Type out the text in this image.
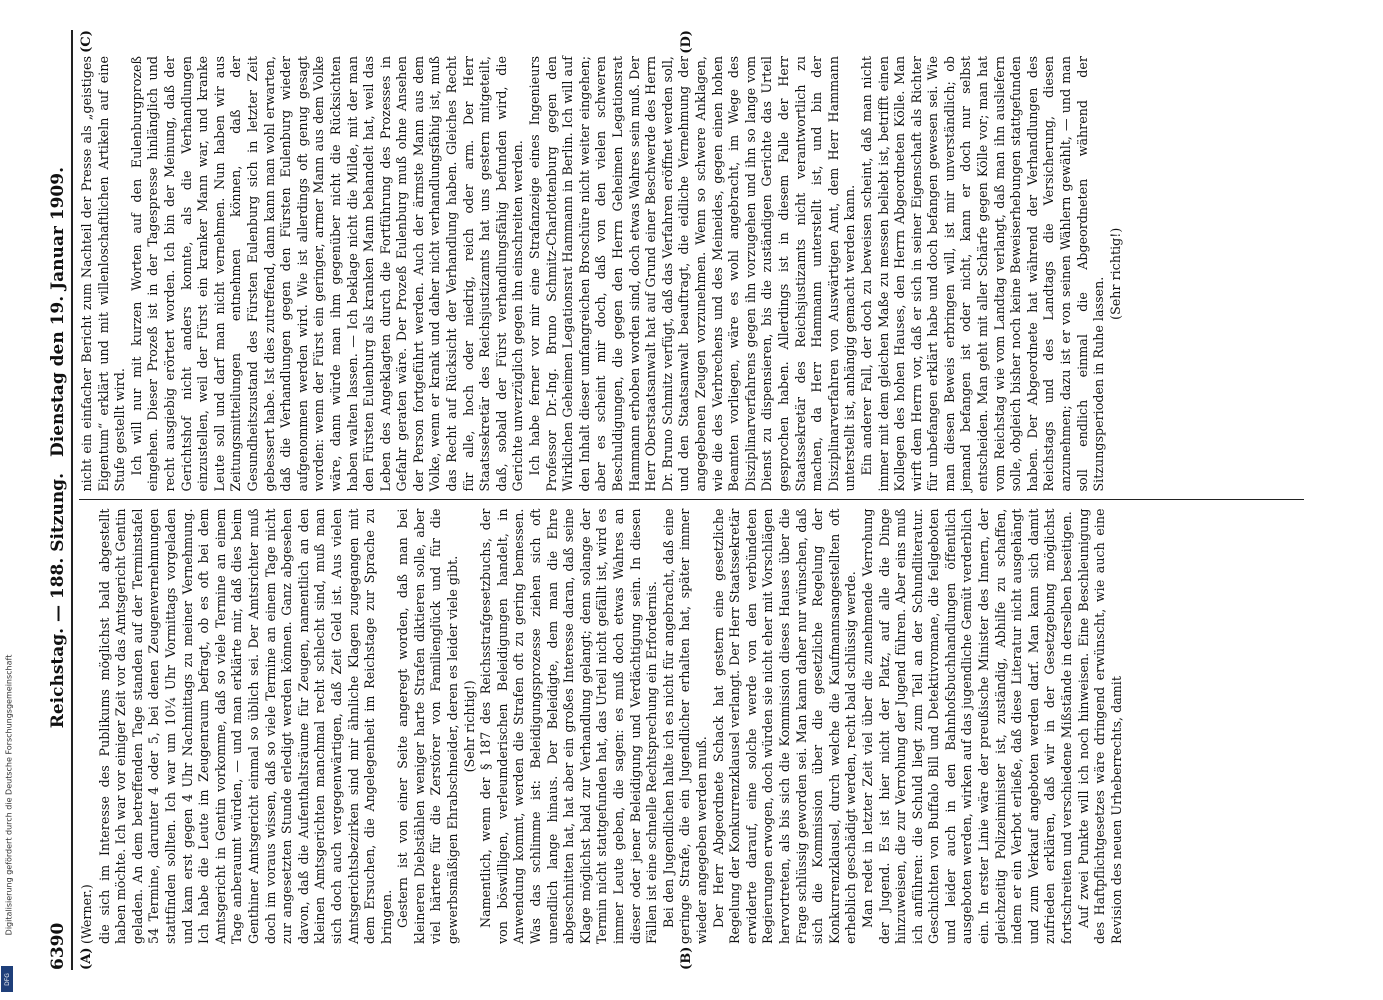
6390
Reichstag. — 188. Sitzung.
Dienstag den 19. Januar 1909.
(A)	(B)
(Werner.) die sich im Interesse des Publikums möglichst bald abgestellt haben möchte. Ich war vor einiger Zeit vor das Amtsgericht Gentin geladen. An dem betreffenden Tage standen auf der Terminstafel 54 Termine, darunter 4 oder 5, bei denen Zeugenvernehmungen stattfinden sollten. Ich war um 10¼ Uhr Vormittags vorgeladen und kam erst gegen 4 Uhr Nachmittags zu meiner Vernehmung. Ich habe die Leute im Zeugenraum befragt, ob es oft bei dem Amtsgericht in Gentin vorkomme, daß so viele Termine an einem Tage anberaumt würden, — und man erklärte mir, daß dies beim Genthiner Amtsgericht einmal so üblich sei. Der Amtsrichter muß doch im voraus wissen, daß so viele Termine an einem Tage nicht zur angesetzten Stunde erledigt werden können. Ganz abgesehen davon, daß die Aufenthaltsräume für Zeugen, namentlich an den kleinen Amtsgerichten manchmal recht schlecht sind, muß man sich doch auch vergegenwärtigen, daß Zeit Geld ist. Aus vielen Amtsgerichtsbezirken sind mir ähnliche Klagen zugegangen mit dem Ersuchen, die Angelegenheit im Reichstage zur Sprache zu bringen. Gestern ist von einer Seite angeregt worden, daß man bei kleineren Diebstählen weniger harte Strafen diktieren solle, aber viel härtere für die Zerstörer von Familienglück und für die gewerbsmäßigen Ehrabschneider, deren es leider viele gibt. (Sehr richtig!) Namentlich, wenn der § 187 des Reichsstrafgesetzbuchs, der von böswilligen, verleumderischen Beleidigungen handelt, in Anwendung kommt, werden die Strafen oft zu gering bemessen. Was das schlimme ist: Beleidigungsprozesse ziehen sich oft unendlich lange hinaus. Der Beleidigte, dem man die Ehre abgeschnitten hat, hat aber ein großes Interesse daran, daß seine Klage möglichst bald zur Verhandlung gelangt; denn solange der Termin nicht stattgefunden hat, das Urteil nicht gefällt ist, wird es immer Leute geben, die sagen: es muß doch etwas Wahres an dieser oder jener Beleidigung und Verdächtigung sein. In diesen Fällen ist eine schnelle Rechtsprechung ein Erfordernis. Bei den Jugendlichen halte ich es nicht für angebracht, daß eine geringe Strafe, die ein Jugendlicher erhalten hat, später immer wieder angegeben werden muß. Der Herr Abgeordnete Schack hat gestern eine gesetzliche Regelung der Konkurrenzklausel verlangt. Der Herr Staatssekretär erwiderte darauf, eine solche werde von den verbündeten Regierungen erwogen, doch würden sie nicht eher mit Vorschlägen hervortreten, als bis sich die Kommission dieses Hauses über die Frage schlüssig geworden sei. Man kann daher nur wünschen, daß sich die Kommission über die gesetzliche Regelung der Konkurrenzklausel, durch welche die Kaufmannsangestellten oft erheblich geschädigt werden, recht bald schlüssig werde. Man redet in letzter Zeit viel über die zunehmende Verrohung der Jugend. Es ist hier nicht der Platz, auf alle die Dinge hinzuweisen, die zur Verrohung der Jugend führen. Aber eins muß ich anführen: die Schuld liegt zum Teil an der Schundliteratur. Geschichten von Buffalo Bill und Detektivromane, die feilgeboten und leider auch in den Bahnhofsbuchhandlungen öffentlich ausgeboten werden, wirken auf das jugendliche Gemüt verderblich ein. In erster Linie wäre der preußische Minister des Innern, der gleichzeitig Polizeiminister ist, zuständig, Abhilfe zu schaffen, indem er ein Verbot erließe, daß diese Literatur nicht ausgehängt und zum Verkauf angeboten werden darf. Man kann sich damit zufrieden erklären, daß wir in der Gesetzgebung möglichst fortschreiten und verschiedene Mißstände in derselben beseitigen. Auf zwei Punkte will ich noch hinweisen. Eine Beschleunigung des Haftpflichtgesetzes wäre dringend erwünscht, wie auch eine Revision des neuen Urheberrechts, damit

(C)	(D)

nicht ein einfacher Bericht zum Nachteil der Presse als „geistiges Eigentum“ erklärt und mit willenloschaftlichen Artikeln auf eine Stufe gestellt wird. Ich will nur mit kurzen Worten auf den Eulenburgprozeß eingehen. Dieser Prozeß ist in der Tagespresse hinlänglich und recht ausgiebig erörtert worden. Ich bin der Meinung, daß der Gerichtshof nicht anders konnte, als die Verhandlungen einzustellen, weil der Fürst ein kranker Mann war, und kranke Leute soll und darf man nicht vernehmen. Nun haben wir aus Zeitungsmitteilungen entnehmen können, daß der Gesundheitszustand des Fürsten Eulenburg sich in letzter Zeit gebessert habe. Ist dies zutreffend, dann kann man wohl erwarten, daß die Verhandlungen gegen den Fürsten Eulenburg wieder aufgenommen werden wird. Wie ist allerdings oft genug gesagt worden: wenn der Fürst ein geringer, armer Mann aus dem Volke wäre, dann würde man ihm gegenüber nicht die Rücksichten haben walten lassen. — Ich beklage nicht die Milde, mit der man den Fürsten Eulenburg als kranken Mann behandelt hat, weil das Leben des Angeklagten durch die Fortführung des Prozesses in Gefahr geraten wäre. Der Prozeß Eulenburg muß ohne Ansehen der Person fortgeführt werden. Auch der ärmste Mann aus dem Volke, wenn er krank und daher nicht verhandlungsfähig ist, muß das Recht auf Rücksicht der Verhandlung haben. Gleiches Recht für alle, hoch oder niedrig, reich oder arm. Der Herr Staatssekretär des Reichsjustizamts hat uns gestern mitgeteilt, daß, sobald der Fürst verhandlungsfähig befunden wird, die Gerichte unverzüglich gegen ihn einschreiten werden. Ich habe ferner vor mir eine Strafanzeige eines Ingenieurs Professor Dr.-Ing. Bruno Schmitz-Charlottenburg gegen den Wirklichen Geheimen Legationsrat Hammann in Berlin. Ich will auf den Inhalt dieser umfangreichen Broschüre nicht weiter eingehen; aber es scheint mir doch, daß von den vielen schweren Beschuldigungen, die gegen den Herrn Geheimen Legationsrat Hammann erhoben worden sind, doch etwas Wahres sein muß. Der Herr Oberstaatsanwalt hat auf Grund einer Beschwerde des Herrn Dr. Bruno Schmitz verfügt, daß das Verfahren eröffnet werden soll, und den Staatsanwalt beauftragt, die eidliche Vernehmung der angegebenen Zeugen vorzunehmen. Wenn so schwere Anklagen, wie die des Verbrechens und des Meineides, gegen einen hohen Beamten vorliegen, wäre es wohl angebracht, im Wege des Disziplinarverfahrens gegen ihn vorzugehen und ihn so lange vom Dienst zu dispensieren, bis die zuständigen Gerichte das Urteil gesprochen haben. Allerdings ist in diesem Falle der Herr Staatssekretär des Reichsjustizamts nicht verantwortlich zu machen, da Herr Hammann unterstellt ist, und bin der Disziplinarverfahren von Auswärtigen Amt, dem Herr Hammann unterstellt ist, anhängig gemacht werden kann. Ein anderer Fall, der doch zu beweisen scheint, daß man nicht immer mit dem gleichen Maße zu messen beliebt ist, betrifft einen Kollegen des hohen Hauses, den Herrn Abgeordneten Kölle. Man wirft dem Herrn vor, daß er sich in seiner Eigenschaft als Richter für unbefangen erklärt habe und doch befangen gewesen sei. Wie man diesen Beweis erbringen will, ist mir unverständlich; ob jemand befangen ist oder nicht, kann er doch nur selbst entscheiden. Man geht mit aller Schärfe gegen Kölle vor; man hat vom Reichstag wie vom Landtag verlangt, daß man ihn ausliefern solle, obgleich bisher noch keine Beweiserhebungen stattgefunden haben. Der Abgeordnete hat während der Verhandlungen des Reichstags und des Landtags die Versicherung, diesen anzunehmen; dazu ist er von seinen Wählern gewählt, — und man soll endlich einmal die Abgeordneten während der Sitzungsperioden in Ruhe lassen.

(Sehr richtig!)

Digitalisierung gefördert durch die Deutsche Forschungsgemeinschaft
DFG
